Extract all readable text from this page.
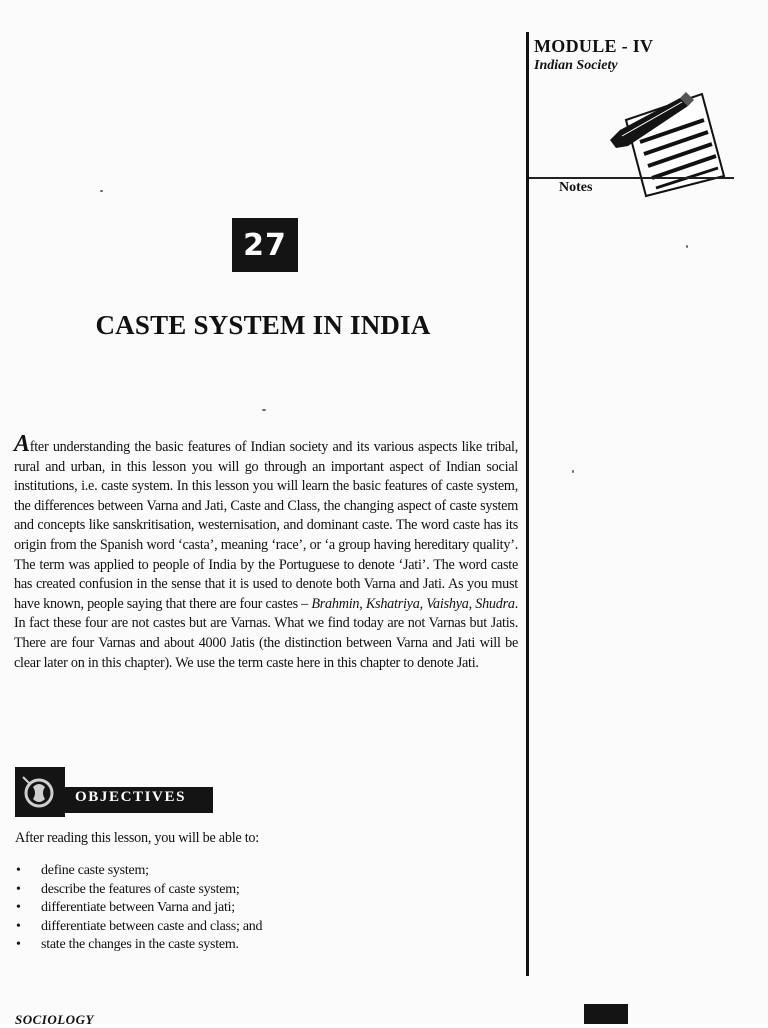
MODULE - IV
Indian Society
Notes
27
CASTE SYSTEM IN INDIA

After understanding the basic features of Indian society and its various aspects like tribal, rural and urban, in this lesson you will go through an important aspect of Indian social institutions, i.e. caste system. In this lesson you will learn the basic features of caste system, the differences between Varna and Jati, Caste and Class, the changing aspect of caste system and concepts like sanskritisation, westernisation, and dominant caste. The word caste has its origin from the Spanish word ‘casta’, meaning ‘race’, or ‘a group having hereditary quality’. The term was applied to people of India by the Portuguese to denote ‘Jati’. The word caste has created confusion in the sense that it is used to denote both Varna and Jati. As you must have known, people saying that there are four castes – Brahmin, Kshatriya, Vaishya, Shudra. In fact these four are not castes but are Varnas. What we find today are not Varnas but Jatis. There are four Varnas and about 4000 Jatis (the distinction between Varna and Jati will be clear later on in this chapter). We use the term caste here in this chapter to denote Jati.

OBJECTIVES

After reading this lesson, you will be able to:

• define caste system;
• describe the features of caste system;
• differentiate between Varna and jati;
• differentiate between caste and class; and
• state the changes in the caste system.
SOCIOLOGY
